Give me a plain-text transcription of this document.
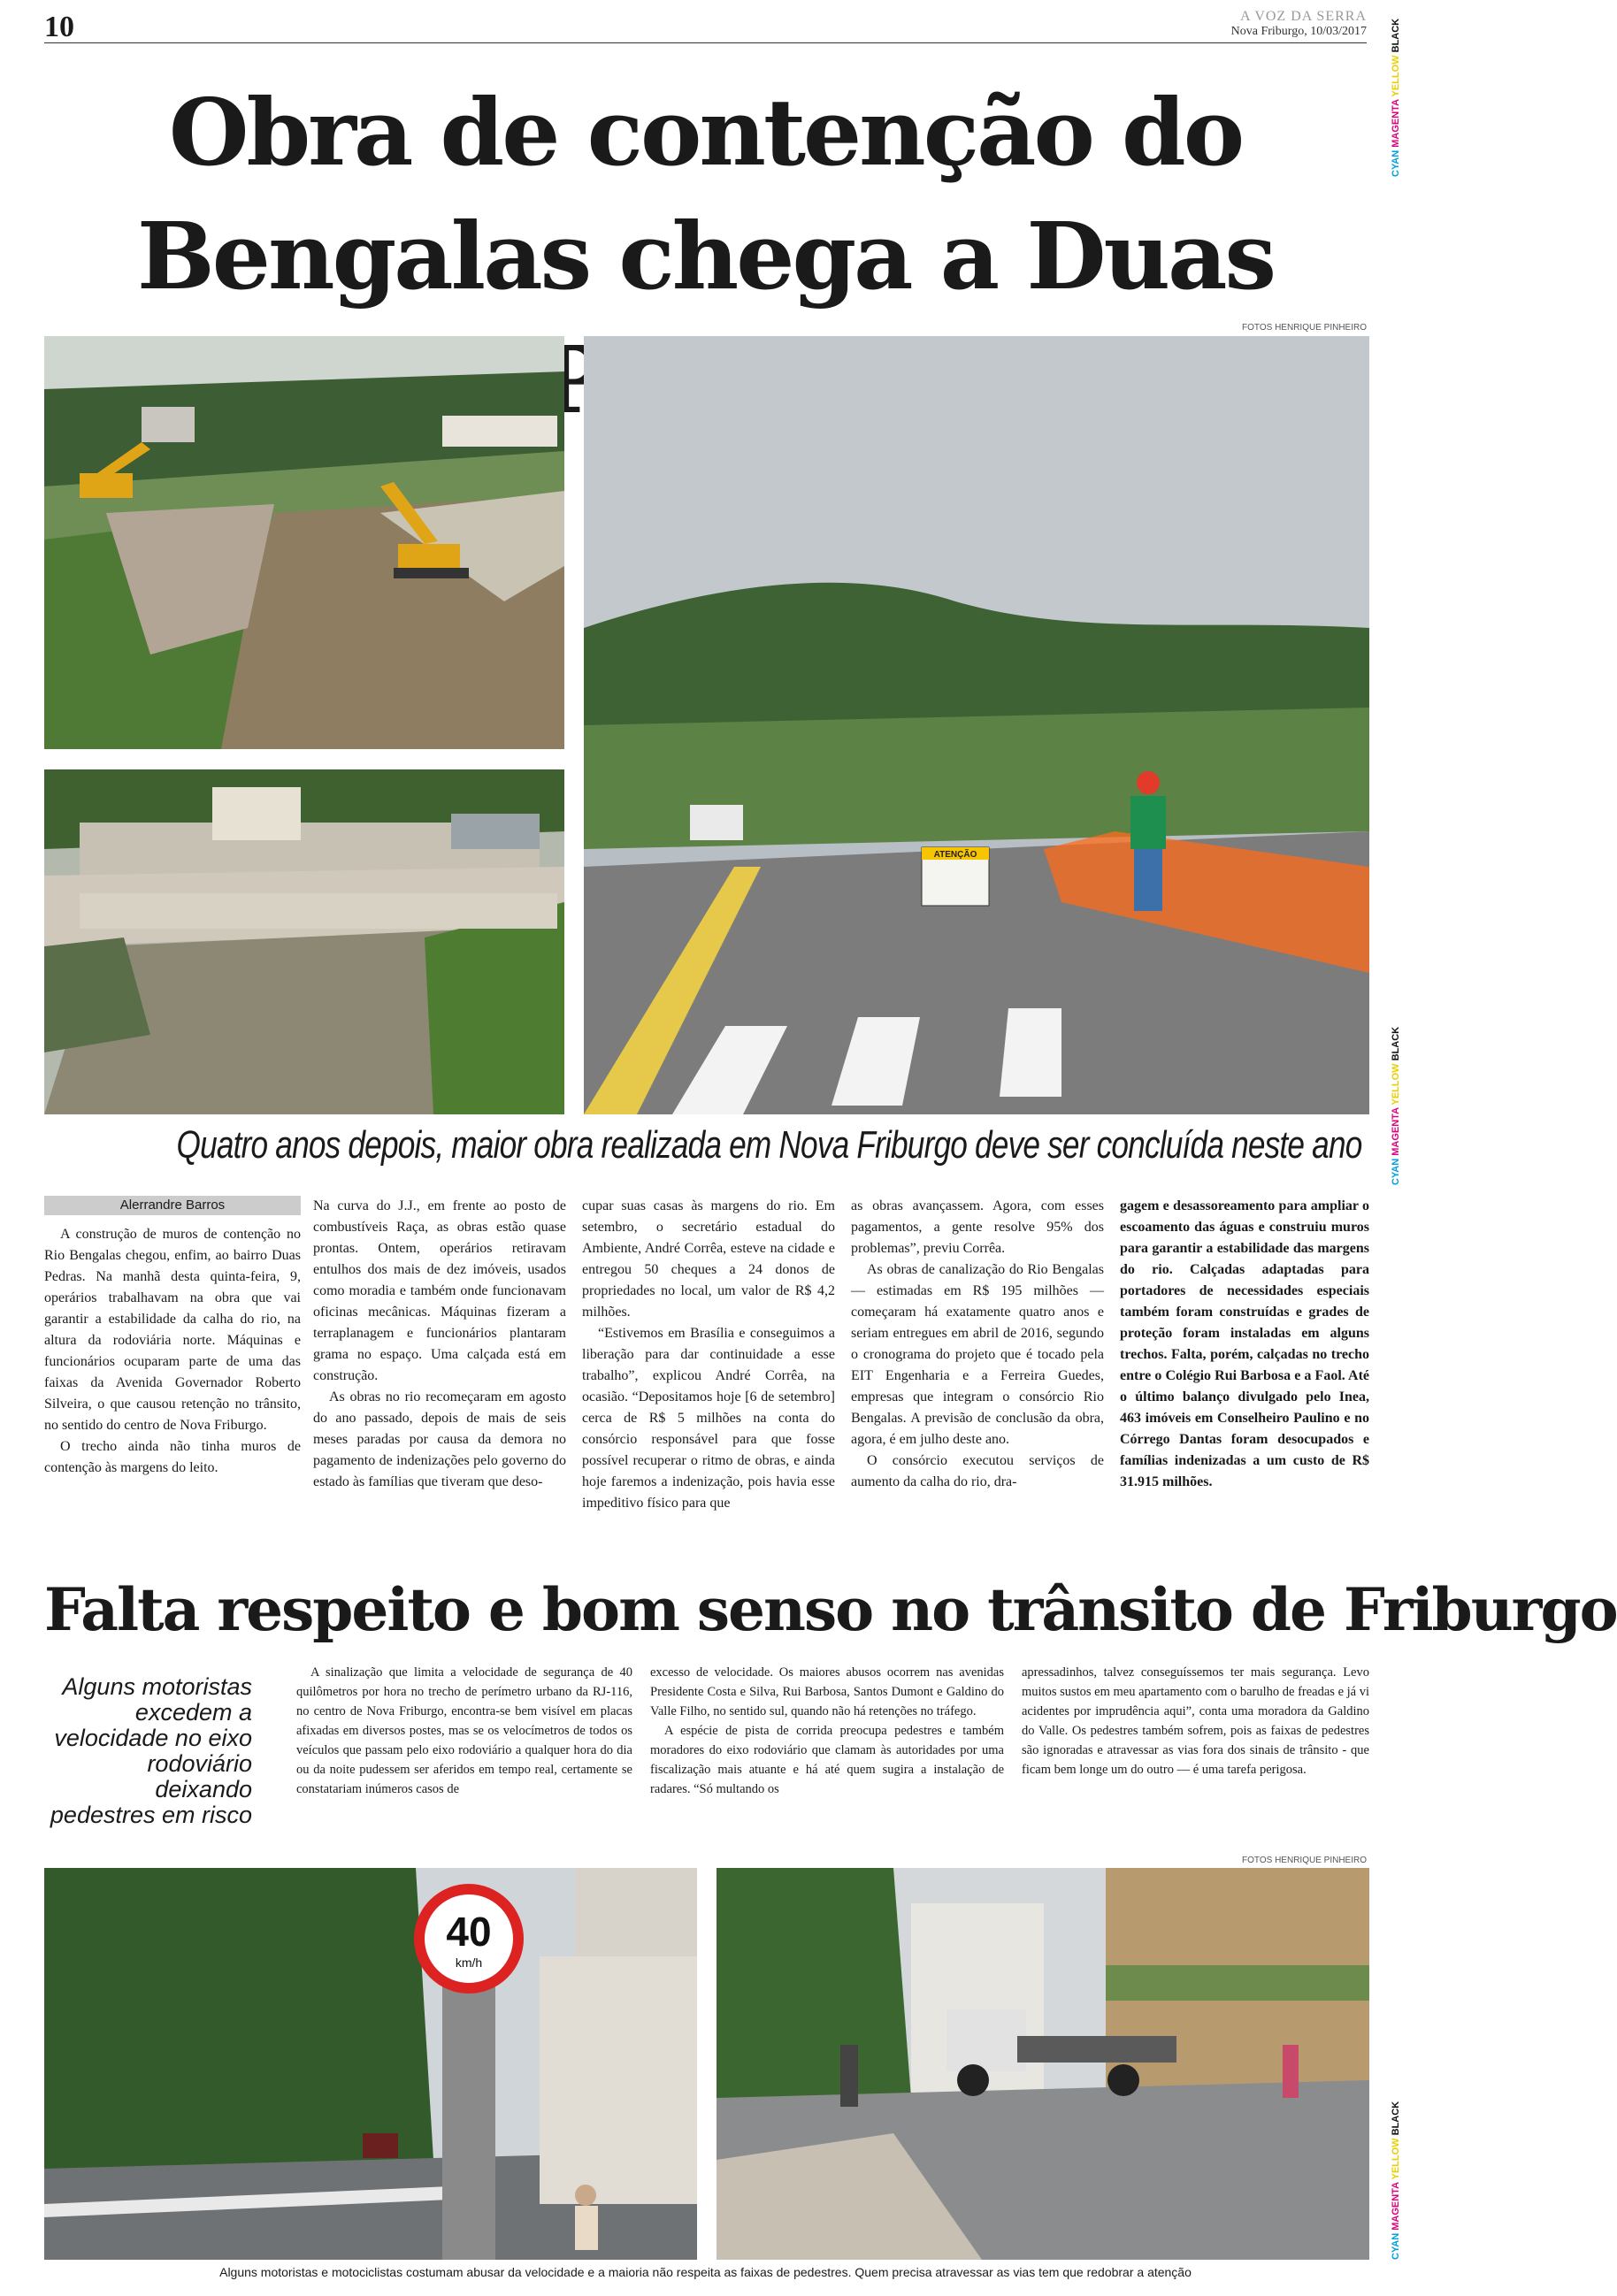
10	A VOZ DA SERRA
Nova Friburgo, 10/03/2017
CYAN MAGENTA YELLOW BLACK
CYAN MAGENTA YELLOW BLACK
CYAN MAGENTA YELLOW BLACK
Obra de contenção do
Bengalas chega a Duas
FOTOS HENRIQUE PINHEIRO
ATENÇÃO
Quatro anos depois, maior obra realizada em Nova Friburgo deve ser concluída neste ano
Alerrandre Barros

A construção de muros de contenção no Rio Bengalas chegou, enfim, ao bairro Duas Pedras. Na manhã desta quinta-feira, 9, operários trabalhavam na obra que vai garantir a estabilidade da calha do rio, na altura da rodoviária norte. Máquinas e funcionários ocuparam parte de uma das faixas da Avenida Governador Roberto Silveira, o que causou retenção no trânsito, no sentido do centro de Nova Friburgo.

O trecho ainda não tinha muros de contenção às margens do leito.

Na curva do J.J., em frente ao posto de combustíveis Raça, as obras estão quase prontas. Ontem, operários retiravam entulhos dos mais de dez imóveis, usados como moradia e também onde funcionavam oficinas mecânicas. Máquinas fizeram a terraplanagem e funcionários plantaram grama no espaço. Uma calçada está em construção.

As obras no rio recomeçaram em agosto do ano passado, depois de mais de seis meses paradas por causa da demora no pagamento de indenizações pelo governo do estado às famílias que tiveram que deso-

cupar suas casas às margens do rio. Em setembro, o secretário estadual do Ambiente, André Corrêa, esteve na cidade e entregou 50 cheques a 24 donos de propriedades no local, um valor de R$ 4,2 milhões.

“Estivemos em Brasília e conseguimos a liberação para dar continuidade a esse trabalho”, explicou André Corrêa, na ocasião. “Depositamos hoje [6 de setembro] cerca de R$ 5 milhões na conta do consórcio responsável para que fosse possível recuperar o ritmo de obras, e ainda hoje faremos a indenização, pois havia esse impeditivo físico para que

as obras avançassem. Agora, com esses pagamentos, a gente resolve 95% dos problemas”, previu Corrêa.

As obras de canalização do Rio Bengalas — estimadas em R$ 195 milhões — começaram há exatamente quatro anos e seriam entregues em abril de 2016, segundo o cronograma do projeto que é tocado pela EIT Engenharia e a Ferreira Guedes, empresas que integram o consórcio Rio Bengalas. A previsão de conclusão da obra, agora, é em julho deste ano.

O consórcio executou serviços de aumento da calha do rio, dra-

gagem e desassoreamento para ampliar o escoamento das águas e construiu muros para garantir a estabilidade das margens do rio. Calçadas adaptadas para portadores de necessidades especiais também foram construídas e grades de proteção foram instaladas em alguns trechos. Falta, porém, calçadas no trecho entre o Colégio Rui Barbosa e a Faol. Até o último balanço divulgado pelo Inea, 463 imóveis em Conselheiro Paulino e no Córrego Dantas foram desocupados e famílias indenizadas a um custo de R$ 31.915 milhões.

Falta respeito e bom senso no trânsito de Friburgo
Alguns motoristas excedem a velocidade no eixo rodoviário deixando pedestres em risco

A sinalização que limita a velocidade de segurança de 40 quilômetros por hora no trecho de perímetro urbano da RJ-116, no centro de Nova Friburgo, encontra-se bem visível em placas afixadas em diversos postes, mas se os velocímetros de todos os veículos que passam pelo eixo rodoviário a qualquer hora do dia ou da noite pudessem ser aferidos em tempo real, certamente se constatariam inúmeros casos de

excesso de velocidade. Os maiores abusos ocorrem nas avenidas Presidente Costa e Silva, Rui Barbosa, Santos Dumont e Galdino do Valle Filho, no sentido sul, quando não há retenções no tráfego.

A espécie de pista de corrida preocupa pedestres e também moradores do eixo rodoviário que clamam às autoridades por uma fiscalização mais atuante e há até quem sugira a instalação de radares. “Só multando os

apressadinhos, talvez conseguíssemos ter mais segurança. Levo muitos sustos em meu apartamento com o barulho de freadas e já vi acidentes por imprudência aqui”, conta uma moradora da Galdino do Valle. Os pedestres também sofrem, pois as faixas de pedestres são ignoradas e atravessar as vias fora dos sinais de trânsito - que ficam bem longe um do outro — é uma tarefa perigosa.

FOTOS HENRIQUE PINHEIRO
40
km/h
Alguns motoristas e motociclistas costumam abusar da velocidade e a maioria não respeita as faixas de pedestres. Quem precisa atravessar as vias tem que redobrar a atenção
